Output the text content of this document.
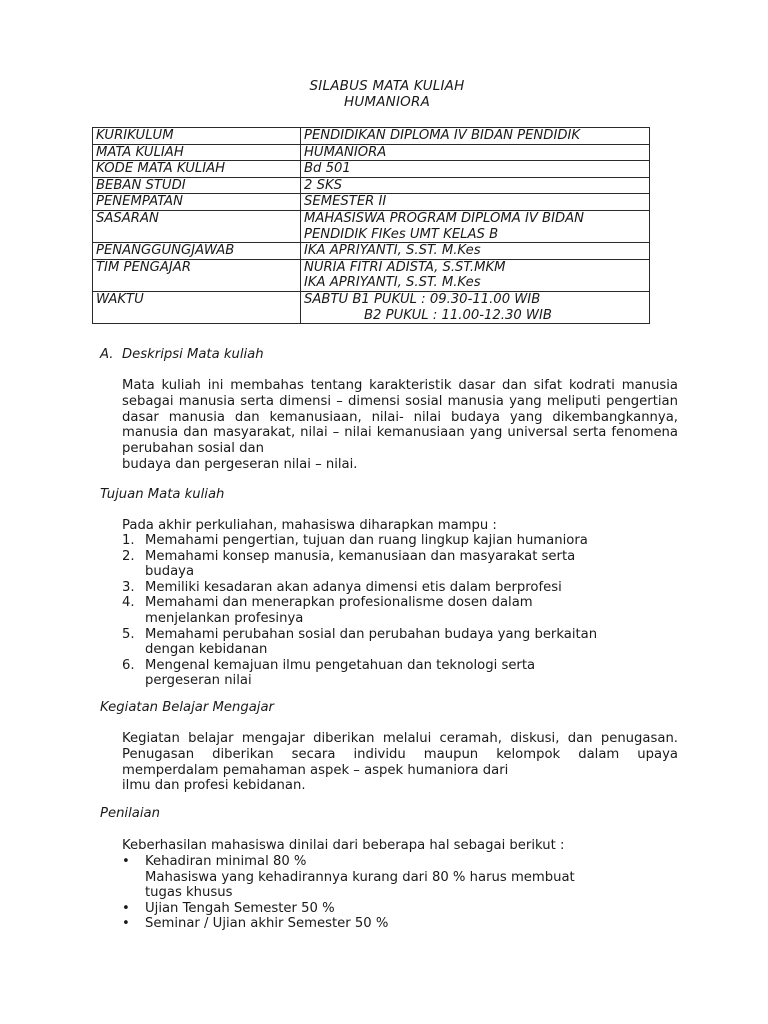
SILABUS MATA KULIAH
HUMANIORA
KURIKULUM	PENDIDIKAN DIPLOMA IV BIDAN PENDIDIK
MATA KULIAH	HUMANIORA
KODE MATA KULIAH	Bd 501
BEBAN STUDI	2 SKS
PENEMPATAN	SEMESTER II
SASARAN	MAHASISWA PROGRAM DIPLOMA IV BIDAN
PENDIDIK FIKes UMT KELAS B

PENANGGUNGJAWAB	IKA APRIYANTI, S.ST. M.Kes
TIM PENGAJAR	NURIA FITRI ADISTA, S.ST.MKM
IKA APRIYANTI, S.ST. M.Kes

WAKTU	SABTU B1 PUKUL : 09.30-11.00 WIB
B2 PUKUL : 11.00-12.30 WIB
A. Deskripsi Mata kuliah
Mata kuliah ini membahas tentang karakteristik dasar dan sifat kodrati manusia sebagai manusia serta dimensi – dimensi sosial manusia yang meliputi pengertian dasar manusia dan kemanusiaan, nilai- nilai budaya yang dikembangkannya, manusia dan masyarakat, nilai – nilai kemanusiaan yang universal serta fenomena perubahan sosial dan
budaya dan pergeseran nilai – nilai.
Tujuan Mata kuliah
Pada akhir perkuliahan, mahasiswa diharapkan mampu :
1. Memahami pengertian, tujuan dan ruang lingkup kajian humaniora
2. Memahami konsep manusia, kemanusiaan dan masyarakat serta
budaya
3. Memiliki kesadaran akan adanya dimensi etis dalam berprofesi
4. Memahami dan menerapkan profesionalisme dosen dalam
menjelankan profesinya
5. Memahami perubahan sosial dan perubahan budaya yang berkaitan
dengan kebidanan
6. Mengenal kemajuan ilmu pengetahuan dan teknologi serta
pergeseran nilai
Kegiatan Belajar Mengajar
Kegiatan belajar mengajar diberikan melalui ceramah, diskusi, dan penugasan. Penugasan diberikan secara individu maupun kelompok dalam upaya memperdalam pemahaman aspek – aspek humaniora dari
ilmu dan profesi kebidanan.
Penilaian
Keberhasilan mahasiswa dinilai dari beberapa hal sebagai berikut :
• Kehadiran minimal 80 %
Mahasiswa yang kehadirannya kurang dari 80 % harus membuat
tugas khusus
• Ujian Tengah Semester 50 %
• Seminar / Ujian akhir Semester 50 %
